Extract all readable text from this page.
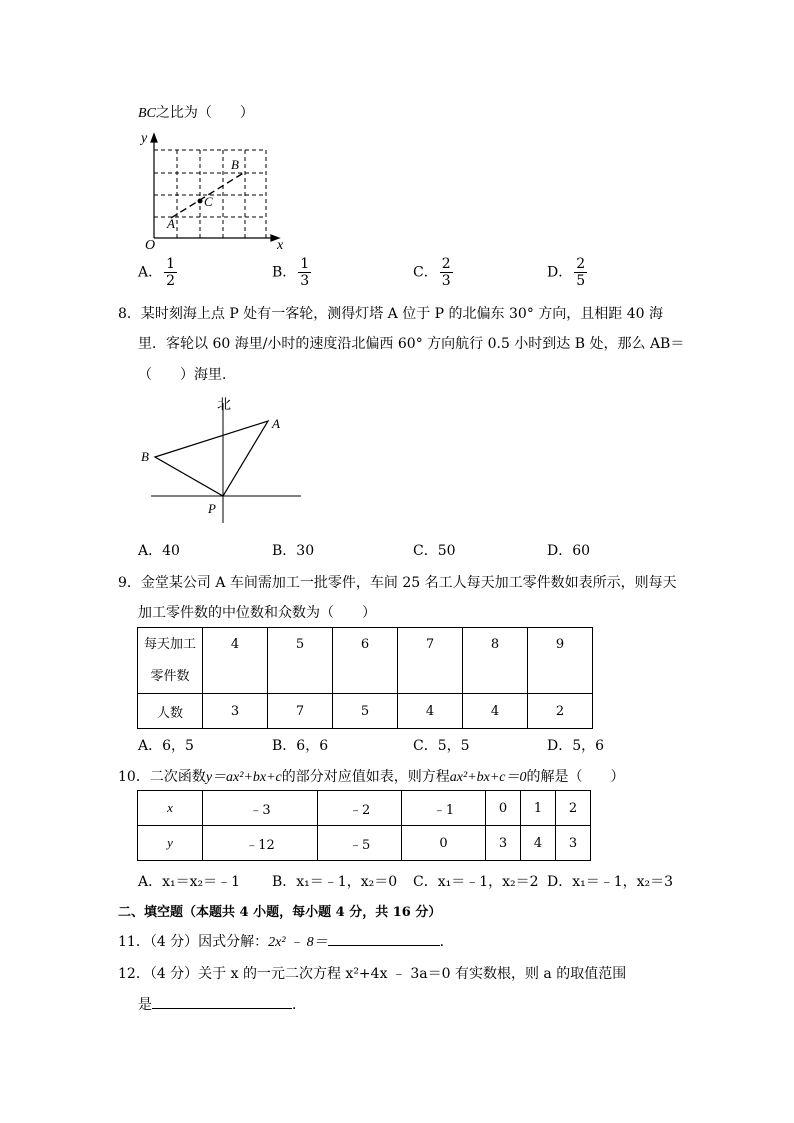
BC之比为（　　）
y
x
O
A
B
C
A． $\frac{1}{2}$	B． $\frac{1}{3}$	C． $\frac{2}{3}$	D． $\frac{2}{5}$
8．某时刻海上点 P 处有一客轮，测得灯塔 A 位于 P 的北偏东 30° 方向，且相距 40 海
里．客轮以 60 海里/小时的速度沿北偏西 60° 方向航行 0.5 小时到达 B 处，那么 AB＝
（　　）海里．
北
A
B
P
A．40	B．30	C．50	D．60
9．金堂某公司 A 车间需加工一批零件，车间 25 名工人每天加工零件数如表所示，则每天
加工零件数的中位数和众数为（　　）
每天加工
零件数	4	5	6	7	8	9
人数	3	7	5	4	4	2
A．6，5	B．6，6	C．5，5	D．5，6
10．二次函数y＝ax²+bx+c的部分对应值如表，则方程ax²+bx+c＝0的解是（　　）
x	﹣3	﹣2	﹣1	0	1	2
y	﹣12	﹣5	0	3	4	3
A．x₁＝x₂＝﹣1 B．x₁＝﹣1，x₂＝0 C．x₁＝﹣1，x₂＝2 D．x₁＝﹣1，x₂＝3
二、填空题（本题共 4 小题，每小题 4 分，共 16 分）
11．（4 分）因式分解：2x² ﹣ 8＝	．
12．（4 分）关于 x 的一元二次方程 x²+4x ﹣ 3a＝0 有实数根，则 a 的取值范围
是	．
